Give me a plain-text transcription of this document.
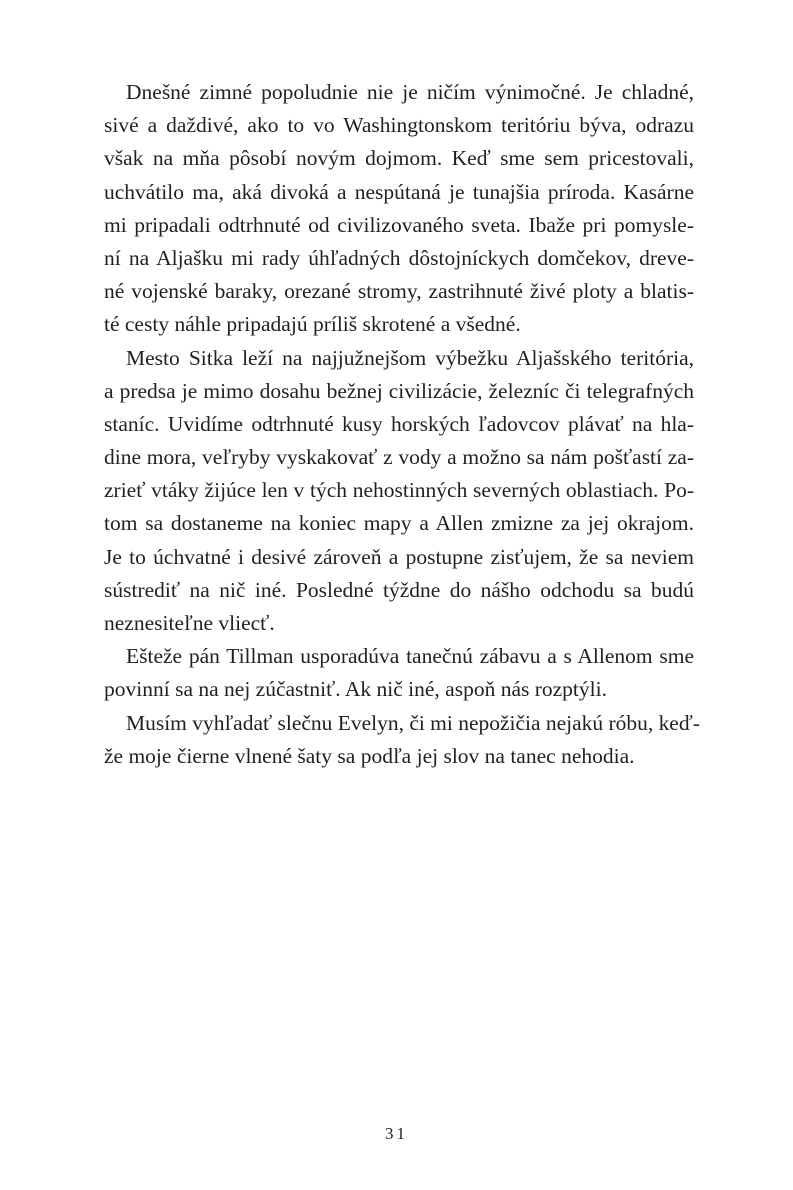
Dnešné zimné popoludnie nie je ničím výnimočné. Je chladné,
sivé a daždivé, ako to vo Washingtonskom teritóriu býva, odrazu
však na mňa pôsobí novým dojmom. Keď sme sem pricestovali,
uchvátilo ma, aká divoká a nespútaná je tunajšia príroda. Kasárne
mi pripadali odtrhnuté od civilizovaného sveta. Ibaže pri pomysle-
ní na Aljašku mi rady úhľadných dôstojníckych domčekov, dreve-
né vojenské baraky, orezané stromy, zastrihnuté živé ploty a blatis-
té cesty náhle pripadajú príliš skrotené a všedné.
Mesto Sitka leží na najjužnejšom výbežku Aljašského teritória,
a predsa je mimo dosahu bežnej civilizácie, železníc či telegrafných
staníc. Uvidíme odtrhnuté kusy horských ľadovcov plávať na hla-
dine mora, veľryby vyskakovať z vody a možno sa nám pošťastí za-
zrieť vtáky žijúce len v tých nehostinných severných oblastiach. Po-
tom sa dostaneme na koniec mapy a Allen zmizne za jej okrajom.
Je to úchvatné i desivé zároveň a postupne zisťujem, že sa neviem
sústrediť na nič iné. Posledné týždne do nášho odchodu sa budú
neznesiteľne vliecť.
Ešteže pán Tillman usporadúva tanečnú zábavu a s Allenom sme
povinní sa na nej zúčastniť. Ak nič iné, aspoň nás rozptýli.
Musím vyhľadať slečnu Evelyn, či mi nepožičia nejakú róbu, keď-
že moje čierne vlnené šaty sa podľa jej slov na tanec nehodia.
31
